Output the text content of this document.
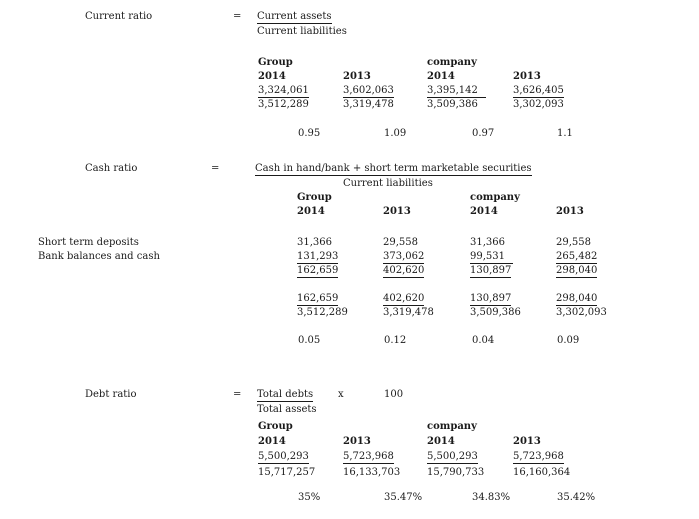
Current ratio	= Current assets
Current liabilities
Group	company
2014	2013	2014	2013
3,324,061	3,602,063	3,395,142	3,626,405
3,512,289	3,319,478	3,509,386	3,302,093
0.95	1.09	0.97	1.1
Cash ratio	=	Cash in hand/bank + short term marketable securities
Current liabilities
Group	company
2014	2013	2014	2013
Short term deposits	31,366	29,558	31,366	29,558
Bank balances and cash	131,293	373,062	99,531	265,482
162,659	402,620	130,897	298,040
162,659	402,620	130,897	298,040
3,512,289	3,319,478	3,509,386	3,302,093
0.05	0.12	0.04	0.09
Debt ratio	= Total debts x	100
Total assets
Group	company
2014	2013	2014	2013
5,500,293	5,723,968	5,500,293	5,723,968
15,717,257	16,133,703	15,790,733	16,160,364
35%	35.47%	34.83%	35.42%
